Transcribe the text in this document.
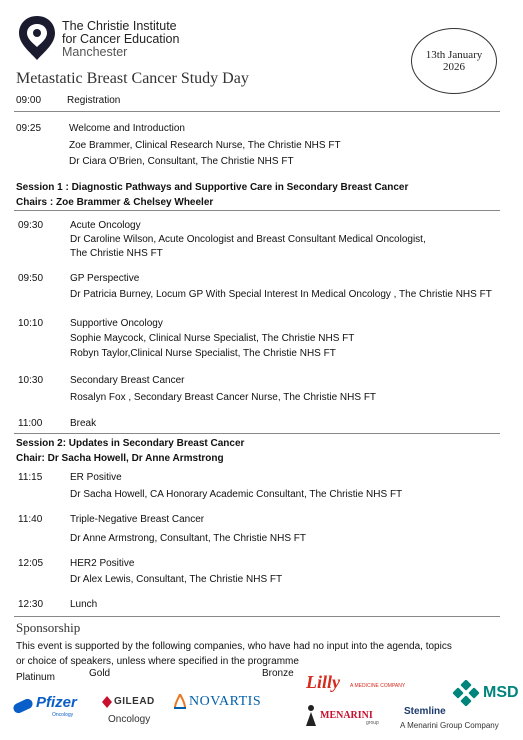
The Christie Institute
for Cancer Education
Manchester	13th January
2026
Metastatic Breast Cancer Study Day
09:00	Registration
09:25	Welcome and Introduction
Zoe Brammer, Clinical Research Nurse, The Christie NHS FT
Dr Ciara O'Brien, Consultant, The Christie NHS FT
Session 1 : Diagnostic Pathways and Supportive Care in Secondary Breast Cancer
Chairs : Zoe Brammer & Chelsey Wheeler
09:30	Acute Oncology
Dr Caroline Wilson, Acute Oncologist and Breast Consultant Medical Oncologist,
The Christie NHS FT
09:50	GP Perspective
Dr Patricia Burney, Locum GP With Special Interest In Medical Oncology , The Christie NHS FT
10:10	Supportive Oncology
Sophie Maycock, Clinical Nurse Specialist, The Christie NHS FT
Robyn Taylor,Clinical Nurse Specialist, The Christie NHS FT
10:30	Secondary Breast Cancer
Rosalyn Fox , Secondary Breast Cancer Nurse, The Christie NHS FT
11:00	Break
Session 2: Updates in Secondary Breast Cancer
Chair: Dr Sacha Howell, Dr Anne Armstrong
11:15	ER Positive
Dr Sacha Howell, CA Honorary Academic Consultant, The Christie NHS FT
11:40	Triple-Negative Breast Cancer
Dr Anne Armstrong, Consultant, The Christie NHS FT
12:05	HER2 Positive
Dr Alex Lewis, Consultant, The Christie NHS FT
12:30	Lunch
Sponsorship
This event is supported by the following companies, who have had no input into the agenda, topics or choice of speakers, unless where specified in the programme
Platinum	Gold	Bronze
Pfizer
Oncology
GILEAD
Oncology
NOVARTIS
Lilly A MEDICINE COMPANY
MENARINI
group
Stemline
A Menarini Group Company
MSD
